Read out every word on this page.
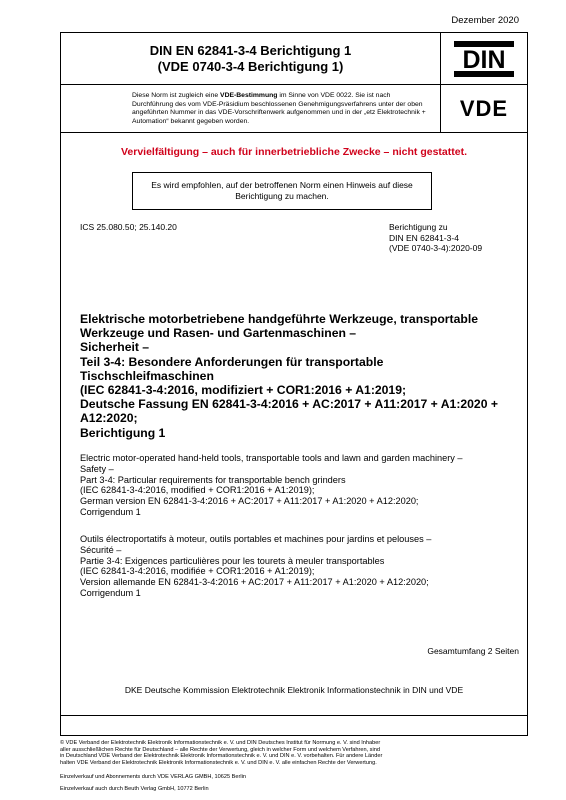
Dezember 2020
DIN EN 62841-3-4 Berichtigung 1
(VDE 0740-3-4 Berichtigung 1)	DIN
Diese Norm ist zugleich eine VDE-Bestimmung im Sinne von VDE 0022. Sie ist nach Durchführung des vom VDE-Präsidium beschlossenen Genehmigungsverfahrens unter der oben angeführten Nummer in das VDE-Vorschriftenwerk aufgenommen und in der „etz Elektrotechnik + Automation“ bekannt gegeben worden.
VDE
Vervielfältigung – auch für innerbetriebliche Zwecke – nicht gestattet.
Es wird empfohlen, auf der betroffenen Norm einen Hinweis auf diese
Berichtigung zu machen.
ICS 25.080.50; 25.140.20	Berichtigung zu
DIN EN 62841-3-4
(VDE 0740-3-4):2020-09
Elektrische motorbetriebene handgeführte Werkzeuge, transportable
Werkzeuge und Rasen- und Gartenmaschinen –
Sicherheit –
Teil 3-4: Besondere Anforderungen für transportable
Tischschleifmaschinen
(IEC 62841-3-4:2016, modifiziert + COR1:2016 + A1:2019;
Deutsche Fassung EN 62841-3-4:2016 + AC:2017 + A11:2017 + A1:2020 +
A12:2020;
Berichtigung 1
Electric motor-operated hand-held tools, transportable tools and lawn and garden machinery –
Safety –
Part 3-4: Particular requirements for transportable bench grinders
(IEC 62841-3-4:2016, modified + COR1:2016 + A1:2019);
German version EN 62841-3-4:2016 + AC:2017 + A11:2017 + A1:2020 + A12:2020;
Corrigendum 1
Outils électroportatifs à moteur, outils portables et machines pour jardins et pelouses –
Sécurité –
Partie 3-4: Exigences particulières pour les tourets à meuler transportables
(IEC 62841-3-4:2016, modifiée + COR1:2016 + A1:2019);
Version allemande EN 62841-3-4:2016 + AC:2017 + A11:2017 + A1:2020 + A12:2020;
Corrigendum 1
Gesamtumfang 2 Seiten
DKE Deutsche Kommission Elektrotechnik Elektronik Informationstechnik in DIN und VDE
© VDE Verband der Elektrotechnik Elektronik Informationstechnik e. V. und DIN Deutsches Institut für Normung e. V. sind Inhaber
aller ausschließlichen Rechte für Deutschland – alle Rechte der Verwertung, gleich in welcher Form und welchem Verfahren, sind
in Deutschland VDE Verband der Elektrotechnik Elektronik Informationstechnik e. V. und DIN e. V. vorbehalten. Für andere Länder
halten VDE Verband der Elektrotechnik Elektronik Informationstechnik e. V. und DIN e. V. alle einfachen Rechte der Verwertung.
Einzelverkauf und Abonnements durch VDE VERLAG GMBH, 10625 Berlin
Einzelverkauf auch durch Beuth Verlag GmbH, 10772 Berlin
